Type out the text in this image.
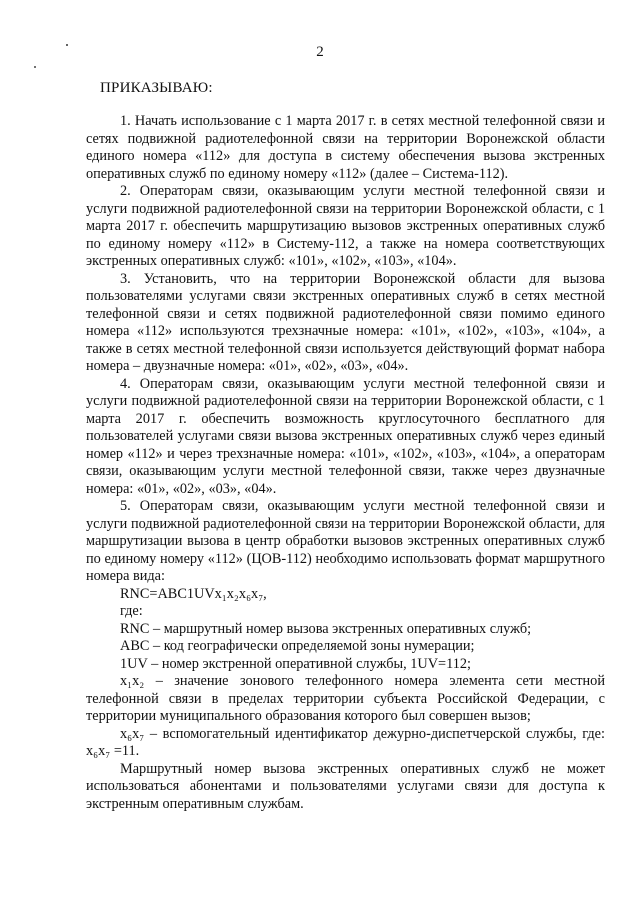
2
ПРИКАЗЫВАЮ:

1. Начать использование с 1 марта 2017 г. в сетях местной телефонной связи и сетях подвижной радиотелефонной связи на территории Воронежской области единого номера «112» для доступа в систему обеспечения вызова экстренных оперативных служб по единому номеру «112» (далее – Система-112).

2. Операторам связи, оказывающим услуги местной телефонной связи и услуги подвижной радиотелефонной связи на территории Воронежской области, с 1 марта 2017 г. обеспечить маршрутизацию вызовов экстренных оперативных служб по единому номеру «112» в Систему-112, а также на номера соответствующих экстренных оперативных служб: «101», «102», «103», «104».

3. Установить, что на территории Воронежской области для вызова пользователями услугами связи экстренных оперативных служб в сетях местной телефонной связи и сетях подвижной радиотелефонной связи помимо единого номера «112» используются трехзначные номера: «101», «102», «103», «104», а также в сетях местной телефонной связи используется действующий формат набора номера – двузначные номера: «01», «02», «03», «04».

4. Операторам связи, оказывающим услуги местной телефонной связи и услуги подвижной радиотелефонной связи на территории Воронежской области, с 1 марта 2017 г. обеспечить возможность круглосуточного бесплатного для пользователей услугами связи вызова экстренных оперативных служб через единый номер «112» и через трехзначные номера: «101», «102», «103», «104», а операторам связи, оказывающим услуги местной телефонной связи, также через двузначные номера: «01», «02», «03», «04».

5. Операторам связи, оказывающим услуги местной телефонной связи и услуги подвижной радиотелефонной связи на территории Воронежской области, для маршрутизации вызова в центр обработки вызовов экстренных оперативных служб по единому номеру «112» (ЦОВ-112) необходимо использовать формат маршрутного номера вида:

RNC=ABC1UVx₁x₂x₆x₇,

где:

RNC – маршрутный номер вызова экстренных оперативных служб;

ABC – код географически определяемой зоны нумерации;

1UV – номер экстренной оперативной службы, 1UV=112;

x₁x₂ – значение зонового телефонного номера элемента сети местной телефонной связи в пределах территории субъекта Российской Федерации, с территории муниципального образования которого был совершен вызов;

x₆x₇ – вспомогательный идентификатор дежурно-диспетчерской службы, где: x₆x₇ =11.

Маршрутный номер вызова экстренных оперативных служб не может использоваться абонентами и пользователями услугами связи для доступа к экстренным оперативным службам.
